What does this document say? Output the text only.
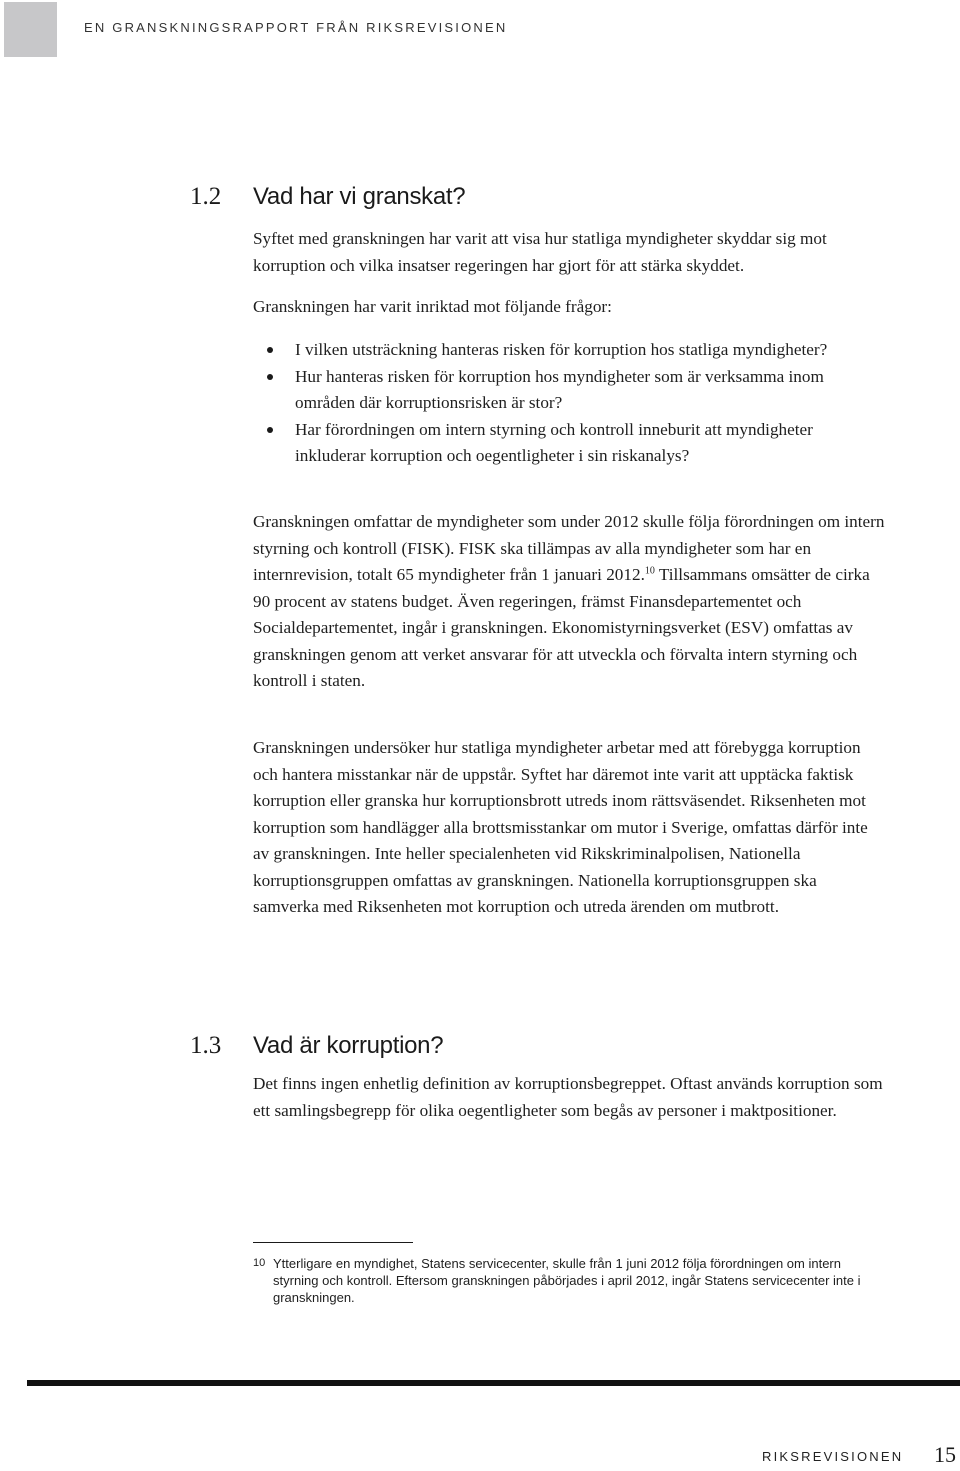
EN GRANSKNINGSRAPPORT FRÅN RIKSREVISIONEN
1.2 Vad har vi granskat?

Syftet med granskningen har varit att visa hur statliga myndigheter skyddar sig mot korruption och vilka insatser regeringen har gjort för att stärka skyddet.

Granskningen har varit inriktad mot följande frågor:

I vilken utsträckning hanteras risken för korruption hos statliga myndigheter?
Hur hanteras risken för korruption hos myndigheter som är verksamma inom områden där korruptionsrisken är stor?
Har förordningen om intern styrning och kontroll inneburit att myndigheter inkluderar korruption och oegentligheter i sin riskanalys?

Granskningen omfattar de myndigheter som under 2012 skulle följa förordningen om intern styrning och kontroll (FISK). FISK ska tillämpas av alla myndigheter som har en internrevision, totalt 65 myndigheter från 1 januari 2012.10 Tillsammans omsätter de cirka 90 procent av statens budget. Även regeringen, främst Finansdepartementet och Socialdepartementet, ingår i granskningen. Ekonomistyrningsverket (ESV) omfattas av granskningen genom att verket ansvarar för att utveckla och förvalta intern styrning och kontroll i staten.

Granskningen undersöker hur statliga myndigheter arbetar med att förebygga korruption och hantera misstankar när de uppstår. Syftet har däremot inte varit att upptäcka faktisk korruption eller granska hur korruptionsbrott utreds inom rättsväsendet. Riksenheten mot korruption som handlägger alla brottsmisstankar om mutor i Sverige, omfattas därför inte av granskningen. Inte heller specialenheten vid Rikskriminalpolisen, Nationella korruptionsgruppen omfattas av granskningen. Nationella korruptionsgruppen ska samverka med Riksenheten mot korruption och utreda ärenden om mutbrott.

1.3 Vad är korruption?

Det finns ingen enhetlig definition av korruptionsbegreppet. Oftast används korruption som ett samlingsbegrepp för olika oegentligheter som begås av personer i maktpositioner.

10 Ytterligare en myndighet, Statens servicecenter, skulle från 1 juni 2012 följa förordningen om intern styrning och kontroll. Eftersom granskningen påbörjades i april 2012, ingår Statens servicecenter inte i granskningen.
RIKSREVISIONEN 15
